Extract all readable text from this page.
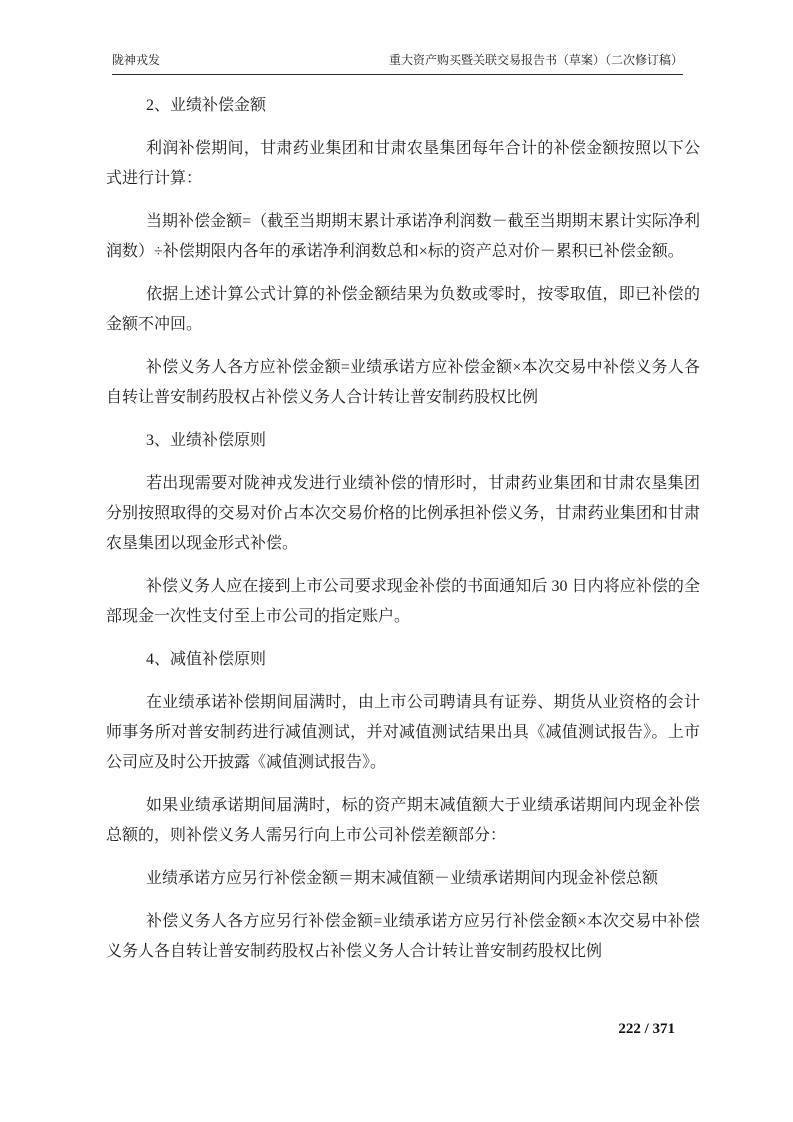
陇神戎发	重大资产购买暨关联交易报告书（草案）（二次修订稿）

2、业绩补偿金额

利润补偿期间，甘肃药业集团和甘肃农垦集团每年合计的补偿金额按照以下公式进行计算：

当期补偿金额=（截至当期期末累计承诺净利润数－截至当期期末累计实际净利润数）÷补偿期限内各年的承诺净利润数总和×标的资产总对价－累积已补偿金额。

依据上述计算公式计算的补偿金额结果为负数或零时，按零取值，即已补偿的金额不冲回。

补偿义务人各方应补偿金额=业绩承诺方应补偿金额×本次交易中补偿义务人各自转让普安制药股权占补偿义务人合计转让普安制药股权比例

3、业绩补偿原则

若出现需要对陇神戎发进行业绩补偿的情形时，甘肃药业集团和甘肃农垦集团分别按照取得的交易对价占本次交易价格的比例承担补偿义务，甘肃药业集团和甘肃农垦集团以现金形式补偿。

补偿义务人应在接到上市公司要求现金补偿的书面通知后 30 日内将应补偿的全部现金一次性支付至上市公司的指定账户。

4、减值补偿原则

在业绩承诺补偿期间届满时，由上市公司聘请具有证券、期货从业资格的会计师事务所对普安制药进行减值测试，并对减值测试结果出具《减值测试报告》。上市公司应及时公开披露《减值测试报告》。

如果业绩承诺期间届满时，标的资产期末减值额大于业绩承诺期间内现金补偿总额的，则补偿义务人需另行向上市公司补偿差额部分：

业绩承诺方应另行补偿金额＝期末减值额－业绩承诺期间内现金补偿总额

补偿义务人各方应另行补偿金额=业绩承诺方应另行补偿金额×本次交易中补偿义务人各自转让普安制药股权占补偿义务人合计转让普安制药股权比例

222 / 371
